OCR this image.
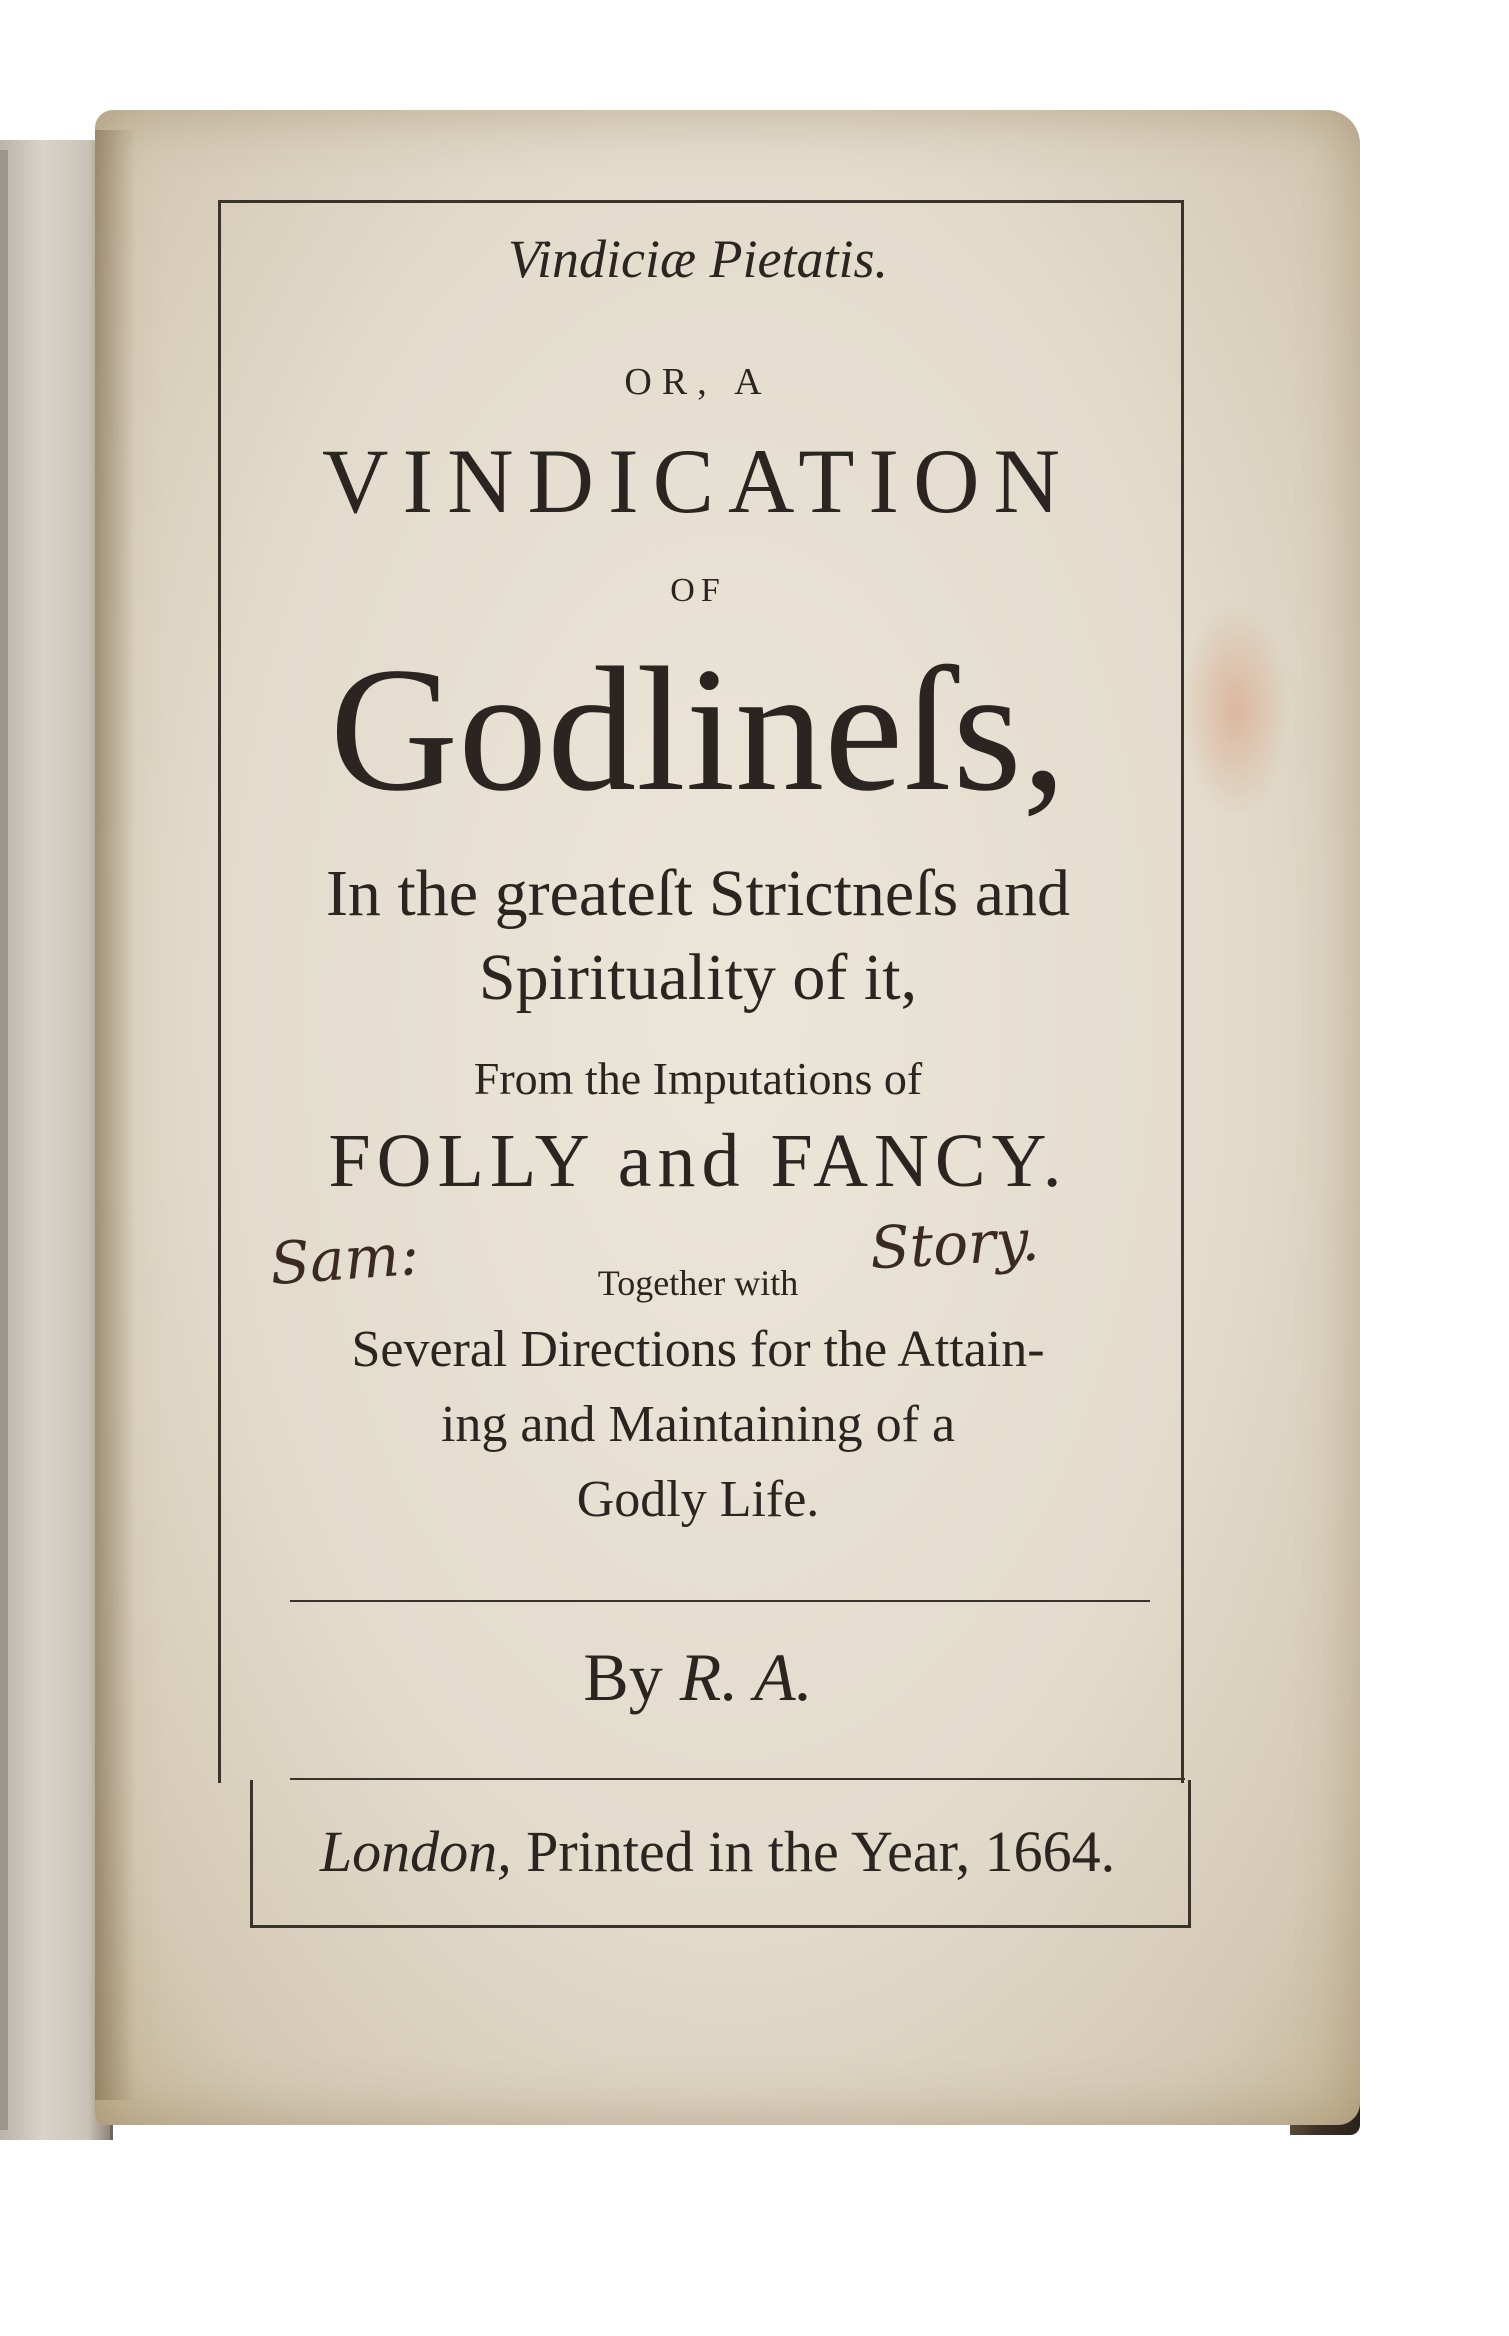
Vindiciæ Pietatis.

OR, A

VINDICATION

OF

Godlineſs,

In the greateſt Strictneſs and

Spirituality of it,

From the Imputations of

FOLLY and FANCY.

Together with

Several Directions for the Attain-

ing and Maintaining of a

Godly Life.

By R. A.

London, Printed in the Year, 1664.

Sam:	Story.
